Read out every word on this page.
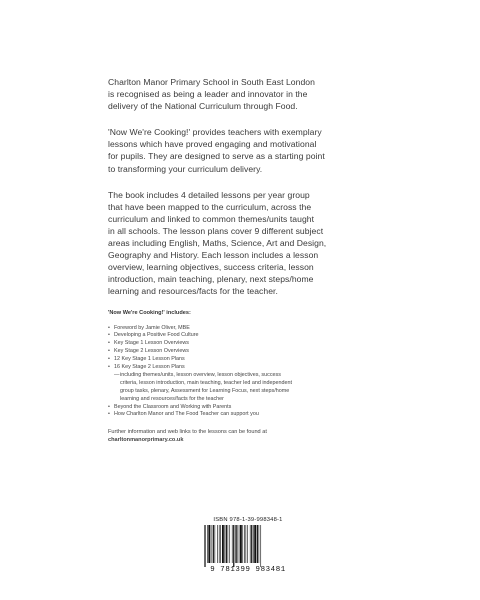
Charlton Manor Primary School in South East London
is recognised as being a leader and innovator in the
delivery of the National Curriculum through Food.

'Now We're Cooking!' provides teachers with exemplary
lessons which have proved engaging and motivational
for pupils. They are designed to serve as a starting point
to transforming your curriculum delivery.

The book includes 4 detailed lessons per year group
that have been mapped to the curriculum, across the
curriculum and linked to common themes/units taught
in all schools. The lesson plans cover 9 different subject
areas including English, Maths, Science, Art and Design,
Geography and History. Each lesson includes a lesson
overview, learning objectives, success criteria, lesson
introduction, main teaching, plenary, next steps/home
learning and resources/facts for the teacher.

'Now We're Cooking!' includes:
• Foreword by Jamie Oliver, MBE
• Developing a Positive Food Culture
• Key Stage 1 Lesson Overviews
• Key Stage 2 Lesson Overviews
• 12 Key Stage 1 Lesson Plans
• 16 Key Stage 2 Lesson Plans
— including themes/units, lesson overview, lesson objectives, success
criteria, lesson introduction, main teaching, teacher led and independent
group tasks, plenary, Assessment for Learning Focus, next steps/home
learning and resources/facts for the teacher
• Beyond the Classroom and Working with Parents
• How Charlton Manor and The Food Teacher can support you
Further information and web links to the lessons can be found at
charltonmanorprimary.co.uk
ISBN 978-1-39-998348-1
9 781399 983481
